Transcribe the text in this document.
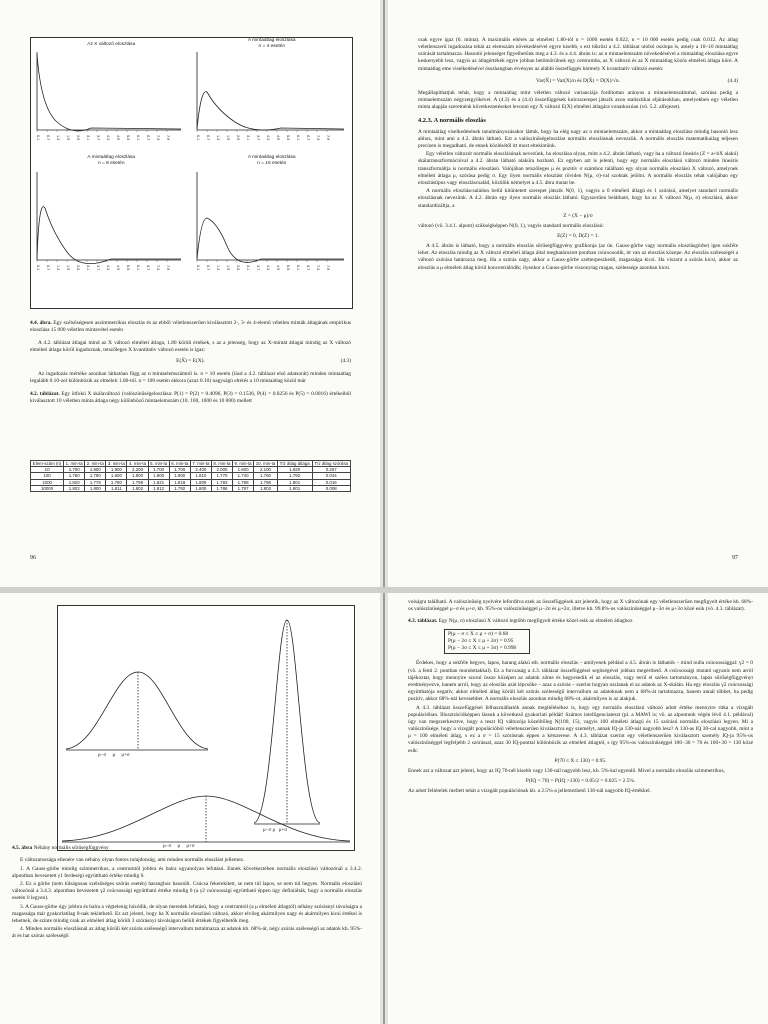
Az X változó eloszlása
A mintaátlag eloszlása
n = 4 esetén
A mintaátlag eloszlása
n = 8 esetén
A mintaátlag eloszlása
n = 16 esetén
0.1 0.7 1.3 1.9 2.5 3.1 3.7 4.3 4.9 5.5 6.1 6.7 7.3 7.9	0.1 0.7 1.3 1.9 2.5 3.1 3.7 4.3 4.9 5.5 6.1 6.7 7.3 7.9
0.1 0.7 1.3 1.9 2.5 3.1 3.7 4.3 4.9 5.5 6.1 6.7 7.3 7.9	0.1 0.7 1.3 1.9 2.5 3.1 3.7 4.3 4.9 5.5 6.1 6.7 7.3 7.9

4.4. ábra. Egy szélsőségesen aszimmetrikus eloszlás és az ebből véletlenszerűen kiválasztott 2-, 3- és 4-elemű véletlen minták átlagának empirikus eloszlása 15 000 véletlen mintavétel esetén

A 4.2. táblázat átlagai mind az X változó elméleti átlaga, 1.80 körüli értékek, s az a jelenség, hogy az X-mintát átlagai mindig az X változó elméleti átlaga körül ingadoznak, tetszőleges X kvantitatív változó esetén is igaz:

E(X̄) = E(X).	(4.3)

Az ingadozás mértéke azonban láthatóan függ az n mintaelemszámtól is. n = 10 esetén (lásd a 4.2. táblázat első adatsorát) minden mintaátlag legalább 0.10-zel különbözik az elméleti 1.80-tól. n = 100 esetén ekkora (azaz 0.10) nagyságú eltérés a 10 mintaátlag közül már

4.2. táblázat. Egy ötfokú X skálaváltozó (valószínűségeloszlása: P(1) = P(2) = 0.4096, P(3) = 0.1536, P(4) = 0.0256 és P(5) = 0.0016) értékeiből kiválasztott 10 véletlen minta átlaga négy különböző mintaelemszám (10, 100, 1000 és 10 000) mellett

Elem-szám (n)	1. min-ta	2. min-ta	3. min-ta	4. min-ta	5. min-ta	6. min-ta	7. min-ta	8. min-ta	9. min-ta	10. min-ta	Tíz átlag átlaga	Tíz átlag szórása
10	1.700	1.900	1.900	2.200	1.700	1.700	2.400	2.000	1.600	2.100	1.920	0.257
100	1.760	1.780	1.600	1.800	1.900	1.900	1.810	1.770	1.740	1.760	1.792	0.044
1000	1.820	1.778	1.790	1.799	1.821	1.818	1.809	1.783	1.798	1.796	1.801	0.016
10000	1.802	1.800	1.811	1.802	1.812	1.792	1.800	1.786	1.797	1.803	1.801	0.008
96

csak egyre igaz (6. minta). A maximális eltérés az elméleti 1.80-tól n = 1000 esetén 0.022, n = 10 000 esetén pedig csak 0.012. Az átlag véletlenszerű ingadozása tehát az elemszám növekedésével egyre kisebb, s ezt tükrözi a 4.2. táblázat utolsó oszlopa is, amely a 10–10 mintaátlag szórását tartalmazza. Hasonló jelenséget figyelhetünk meg a 4.3. és a 4.4. ábrán is: az n mintaelemszám növekedésével a mintaátlag eloszlása egyre keskenyebb lesz, vagyis az átlagértékek egyre jobban betömörülnek egy centrumba, az X változó és az X mintaátlag közös elméleti átlaga köré. A mintaátlag eme viselkedésével összhangban érvényes az alábbi összefüggés bármely X kvantitatív változó esetén:

Var(X̄) = Var(X)/n és D(X̄) = D(X)/√n.	(4.4)

Megállapíthatjuk tehát, hogy a mintaátlag mint véletlen változó varianciája fordítottan arányos a mintaelemszámmal, szórása pedig a mintaelemszám négyzetgyökével. A (4.3) és a (4.4) összefüggések kulcsszerepet játszik azon statisztikai eljárásokban, amelyekben egy véletlen minta alapján szeretnénk következtetéseket levonni egy X változó E(X) elméleti átlagára vonatkozóan (vö. 5.2. alfejezet).

4.2.3. A normális eloszlás

A mintaátlag viselkedésének tanulmányozásakor láttuk, hogy ha elég nagy az n mintaelemszám, akkor a mintaátlag eloszlása mindig hasonló lesz ahhoz, mint ami a 4.2. ábrán látható. Ezt a valószínűségeloszlást normális eloszlásnak nevezzük. A normális eloszlás matematikailag teljesen precízen is megadható, de ennek közlésétől itt most eltekintünk.

Egy véletlen változót normális eloszlásúnak nevezünk, ha eloszlása olyan, mint a 4.2. ábrán látható, vagy ha a változó lineáris (Z = a+bX alakú) skálatranszformációval a 4.2. ábrán látható alakúra hozható. Ez egyben azt is jelenti, hogy egy normális eloszlású változó minden lineáris transzformáltja is normális eloszlású. Valójában tetszőleges μ és pozitív σ számhoz található egy olyan normális eloszlású X változó, amelynek elméleti átlaga μ, szórása pedig σ. Egy ilyen normális eloszlást röviden N(μ, σ)-val szoktak jelölni. A normális eloszlás tehát valójában egy eloszlástípus vagy eloszláscsalád, közülük némelyet a 4.5. ábra mutat be.

A normális eloszláscsaládon belül kitüntetett szerepet játszik N(0, 1), vagyis a 0 elméleti átlagú és 1 szórású, amelyet standard normális eloszlásnak nevezünk. A 4.2. ábrán egy ilyen normális eloszlás látható. Egyszerűen belátható, hogy ha az X változó N(μ, σ) eloszlású, akkor standardizáltja, a

Z = (X − μ)/σ

változó (vö. 3.4.1. alpont) szükségképpen N(0, 1), vagyis standard normális eloszlású:

E(Z) = 0, D(Z) = 1.

A 4.5. ábrán is látható, hogy a normális eloszlás sűrűségfüggvény grafikonja (az ún. Gauss-görbe vagy normális eloszlásgörbe) igen sokféle lehet. Az eloszlás mindig az X változó elméleti átlaga által meghatározott pontban csúcsosodik, itt van az eloszlás közepe. Az eloszlás szélességét a változó szórása határozza meg. Ha a szórás nagy, akkor a Gauss-görbe szétterpeszkedő, magassága kicsi. Ha viszont a szórás kicsi, akkor az eloszlás a μ elméleti átlag körül koncentrálódik; ilyenkor a Gauss-görbe viszonylag magas, szélessége azonban kicsi.

97
μ−σ     μ     μ+σ
μ−σ μ   μ+σ
μ−σ     μ     μ+σ

4.5. ábra Néhány normális sűrűségfüggvény

E változatossága ellenére van néhány olyan fontos tulajdonság, ami minden normális eloszlást jellemez.

1. A Gauss-görbe mindig szimmetrikus, a centrumtól jobbra és balra ugyanolyan lefutású. Ennek következtében normális eloszlású változónál a 3.4.2. alpontban bevezetett γ1 ferdeségi együttható értéke mindig 0.

2. Ez a görbe (nem túlságosan szélsőséges szórás esetén) haranghoz hasonlít. Csúcsa fekerekített, se nem túl lapos, se nem túl hegyes. Normális eloszlású változónál a 3.4.3. alpontban bevezetett γ2 csúcsossági együttható értéke mindig 0 (a γ2 csúcsossági együttható éppen úgy definiálták, hogy a normális eloszlás esetén 0 legyen).

3. A Gauss-görbe úgy jobbra és balra a végtelenig húzódik, de olyan meredek lefutású, hogy a centrumtól (a μ elméleti átlagtól) néhány szórásnyi távolságra a magassága már gyakorlatilag 0-nak tekinthető. Ez azt jelenti, hogy ha X normális eloszlású változó, akkor elvileg akármilyen nagy és akármilyen kicsi értékei is lehetnek, de szinte mindig csak az elméleti átlag körüli 3 szórásnyi távolságon belüli értékek figyelhetők meg.

4. Minden normális eloszlásnál az átlag körüli két szórás szélességű intervallum tartalmazza az adatok kb. 68%-át, négy szórás szélességű az adatok kb. 95%-át és hat szórás szélességű

volságra található. A valószínűség nyelvére lefordítva ezek az összefüggések azt jelentik, hogy az X változónak egy véletlenszerűen megfigyelt értéke kb. 68%-os valószínűséggel μ−σ és μ+σ, kb. 95%-os valószínűséggel μ−2σ és μ+2σ, illetve kb. 99.8%-os valószínűséggel μ−3σ és μ+3σ közé esik (vö. 4.3. táblázat).

4.3. táblázat. Egy N(μ, σ) eloszlású X változó legtöbb megfigyelt értéke közel esik az elméleti átlaghoz

P(μ − σ ≤ X ≤ μ + σ) = 0.68
P(μ − 2σ ≤ X ≤ μ + 2σ) = 0.95
P(μ − 3σ ≤ X ≤ μ + 3σ) = 0.998

Érdekes, hogy a sokféle hegyes, lapos, harang alakú stb. normális eloszlás – amilyenek például a 4.5. ábrán is láthatók – mind nulla csúcsossággal: γ2 = 0 (vö. a fenti 2. pontban mondottakkal). Ez a furcsaság a 4.3. táblázat összefüggései segítségével jobban megérthető. A csúcsossági mutató ugyanis nem arról tájékoztat, hogy mennyire szorul össze középen az adatok zöme és hegyesedik el az eloszlás, vagy terül el széles tartományon, lapos sűrűségfüggvényt eredményezve, hanem arról, hogy az eloszlás azát lépcsőke – azaz a szórás – szerint hogyan oszlanak el az adatok az X-skálán. Ha egy eloszlás γ2 csúcsossági együtthatója negatív, akkor elméleti átlag körüli két szórás szélességű intervallum az adatoknak nem a 68%-át tartalmazza, hanem annál többet, ha pedig pozitív, akkor 68%-nál kevesebbet. A normális eloszlás azonban mindig 68%-ot, akármilyen is az alakjuk.

A 4.3. táblázat összefüggései felhasználhatók annak megítéléséhez is, hogy egy normális eloszlású változó adott értéke mennyire ritka a vizsgált populációban. Illusztrációképpen lássuk a következő gyakorlati példát! Számos intelligenciateszt (pl. a MAWI is; vö. az alpontunk végén lévő 4.1. példával) úgy van megszerkesztve, hogy a teszt IQ változója közelítőleg N(100, 15), vagyis 100 elméleti átlagú és 15 szórású normális eloszlású legyen. Mi a valószínűsége, hogy a vizsgált populációból véletlenszerűen kiválasztva egy személyt, annak IQ-ja 130-nál nagyobb lesz? A 130-as IQ 30-cal nagyobb, mint a μ = 100 elméleti átlag, s ez a σ = 15 szórásnak éppen a kétszerese. A 4.3. táblázat szerint egy véletlenszerűen kiválasztott személy IQ-ja 95%-os valószínűséggel legfeljebb 2 szórással, azaz 30 IQ-ponttal különbözik az elméleti átlagtól, s így 95%-os valószínűséggel 100−30 = 70 és 100+30 = 130 közé esik:

P(70 ≤ X ≤ 130) = 0.95.

Ennek azt a változat azt jelenti, hogy az IQ 70-nél kisebb vagy 130-nál nagyobb lesz, kb. 5%-kal egyenlő. Mivel a normális eloszlás szimmetrikus,

P(IQ < 70) = P(IQ >130) = 0.05/2 = 0.025 = 2.5%.

Az adott feltételek mellett tehát a vizsgált populációnak kb. a 2.5%-a jellemezhető 130-nál nagyobb IQ-értékkel.
